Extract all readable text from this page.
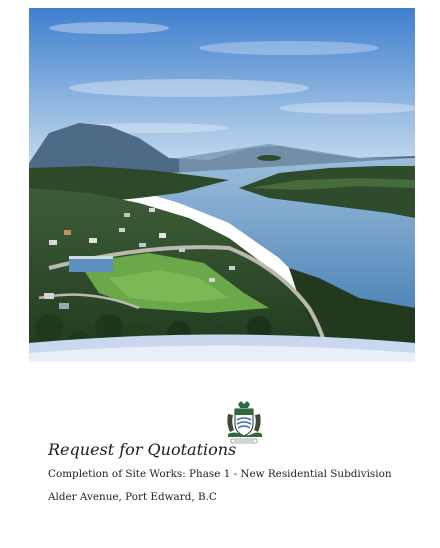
Request for Quotations
Completion of Site Works: Phase 1 - New Residential Subdivision
Alder Avenue, Port Edward, B.C
